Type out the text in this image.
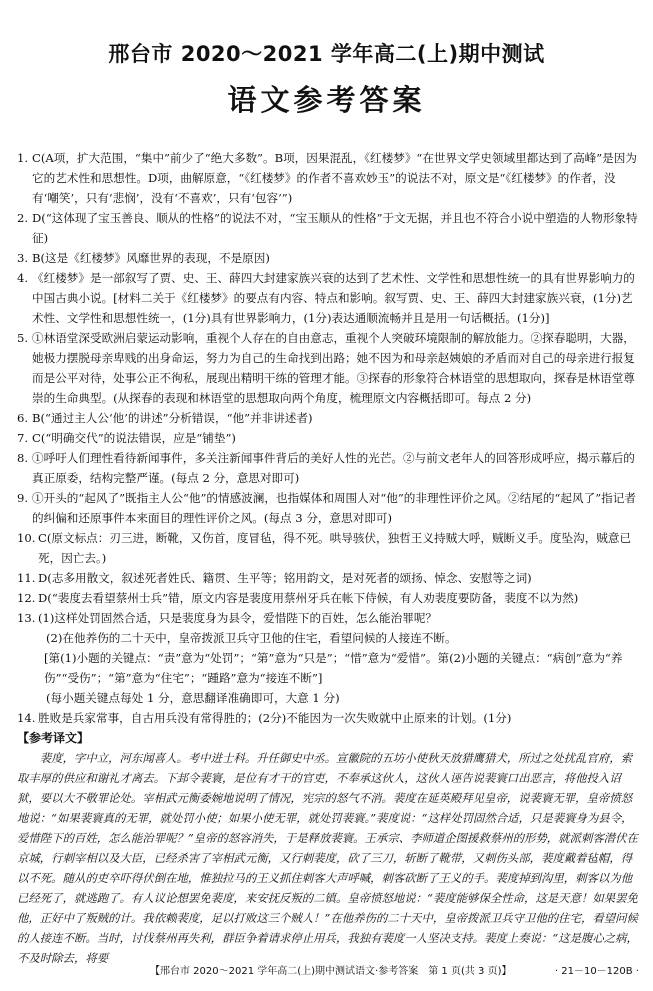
邢台市 2020～2021 学年高二(上)期中测试
语文参考答案
1. C(A项，扩大范围，“集中”前少了“绝大多数”。B项，因果混乱，《红楼梦》“在世界文学史领域里都达到了高峰”是因为它的艺术性和思想性。D项，曲解原意，“《红楼梦》的作者不喜欢妙玉”的说法不对，原文是“《红楼梦》的作者，没有‘嘲笑’，只有‘悲悯’，没有‘不喜欢’，只有‘包容’”)

2. D(“这体现了宝玉善良、顺从的性格”的说法不对，“宝玉顺从的性格”于文无据，并且也不符合小说中塑造的人物形象特征)

3. B(这是《红楼梦》风靡世界的表现，不是原因)

4. 《红楼梦》是一部叙写了贾、史、王、薛四大封建家族兴衰的达到了艺术性、文学性和思想性统一的具有世界影响力的中国古典小说。[材料二关于《红楼梦》的要点有内容、特点和影响。叙写贾、史、王、薛四大封建家族兴衰，(1分)艺术性、文学性和思想性统一，(1分)具有世界影响力，(1分)表达通顺流畅并且是用一句话概括。(1分)]

5. ①林语堂深受欧洲启蒙运动影响，重视个人存在的自由意志，重视个人突破环境限制的解放能力。②探春聪明，大器，她极力摆脱母亲卑贱的出身命运，努力为自己的生命找到出路；她不因为和母亲赵姨娘的矛盾而对自己的母亲进行报复而是公平对待，处事公正不徇私，展现出精明干练的管理才能。③探春的形象符合林语堂的思想取向，探春是林语堂尊崇的生命典型。(从探春的表现和林语堂的思想取向两个角度，梳理原文内容概括即可。每点 2 分)

6. B(“通过主人公‘他’的讲述”分析错误，“他”并非讲述者)

7. C(“明确交代”的说法错误，应是“铺垫”)

8. ①呼吁人们理性看待新闻事件，多关注新闻事件背后的美好人性的光芒。②与前文老年人的回答形成呼应，揭示幕后的真正原委，结构完整严谨。(每点 2 分，意思对即可)

9. ①开头的“起风了”既指主人公“他”的情感波澜，也指媒体和周围人对“他”的非理性评价之风。②结尾的“起风了”指记者的纠偏和还原事件本来面目的理性评价之风。(每点 3 分，意思对即可)

10. C(原文标点：刃三进，断靴，又伤首，度冒毡，得不死。哄导骇伏，独哲王义持贼大呼，贼断义手。度坠沟，贼意已死，因亡去。)

11. D(志多用散文，叙述死者姓氏、籍贯、生平等；铭用韵文，是对死者的颂扬、悼念、安慰等之词)

12. D(“裴度去看望蔡州士兵”错，原文内容是裴度用蔡州牙兵在帐下侍候，有人劝裴度要防备，裴度不以为然)

13. (1)这样处罚固然合适，只是裴度身为县令，爱惜陛下的百姓，怎么能治罪呢？

(2)在他养伤的二十天中，皇帝拨派卫兵守卫他的住宅，看望问候的人接连不断。

[第(1)小题的关键点：“责”意为“处罚”；“第”意为“只是”；“惜”意为“爱惜”。第(2)小题的关键点：“病创”意为“养伤”“受伤”；“第”意为“住宅”；“踵路”意为“接连不断”]

(每小题关键点每处 1 分，意思翻译准确即可，大意 1 分)

14. 胜败是兵家常事，自古用兵没有常得胜的；(2分)不能因为一次失败就中止原来的计划。(1分)

【参考译文】

裴度，字中立，河东闻喜人。考中进士科。升任御史中丞。宣徽院的五坊小使秋天放猎鹰猎犬，所过之处扰乱官府，索取丰厚的供应和谢礼才离去。下邽令裴寰，是位有才干的官吏，不奉承这伙人，这伙人诬告说裴寰口出恶言，将他投入诏狱，要以大不敬罪论处。宰相武元衡委婉地说明了情况，宪宗的怒气不消。裴度在延英殿拜见皇帝，说裴寰无罪，皇帝愤怒地说：“如果裴寰真的无罪，就处罚小使；如果小使无罪，就处罚裴寰。”裴度说：“这样处罚固然合适，只是裴寰身为县令，爱惜陛下的百姓，怎么能治罪呢？”皇帝的怒容消失，于是释放裴寰。王承宗、李师道企图援救蔡州的形势，就派刺客潜伏在京城，行刺宰相以及大臣，已经杀害了宰相武元衡，又行刺裴度，砍了三刀，斩断了靴带，又刺伤头部，裴度戴着毡帽，得以不死。随从的吏卒吓得伏倒在地，惟独拉马的王义抓住刺客大声呼喊，刺客砍断了王义的手。裴度掉到沟里，刺客以为他已经死了，就逃跑了。有人议论想罢免裴度，来安抚反叛的二镇。皇帝愤怒地说：“裴度能够保全性命，这是天意！如果罢免他，正好中了叛贼的计。我依赖裴度，足以打败这三个贼人！”在他养伤的二十天中，皇帝拨派卫兵守卫他的住宅，看望问候的人接连不断。当时，讨伐蔡州再失利，群臣争着请求停止用兵，我独有裴度一人坚决支持。裴度上奏说：“这是腹心之病，不及时除去，将要

【邢台市 2020～2021 学年高二(上)期中测试语文·参考答案　第 1 页(共 3 页)】	· 21－10－120B ·
